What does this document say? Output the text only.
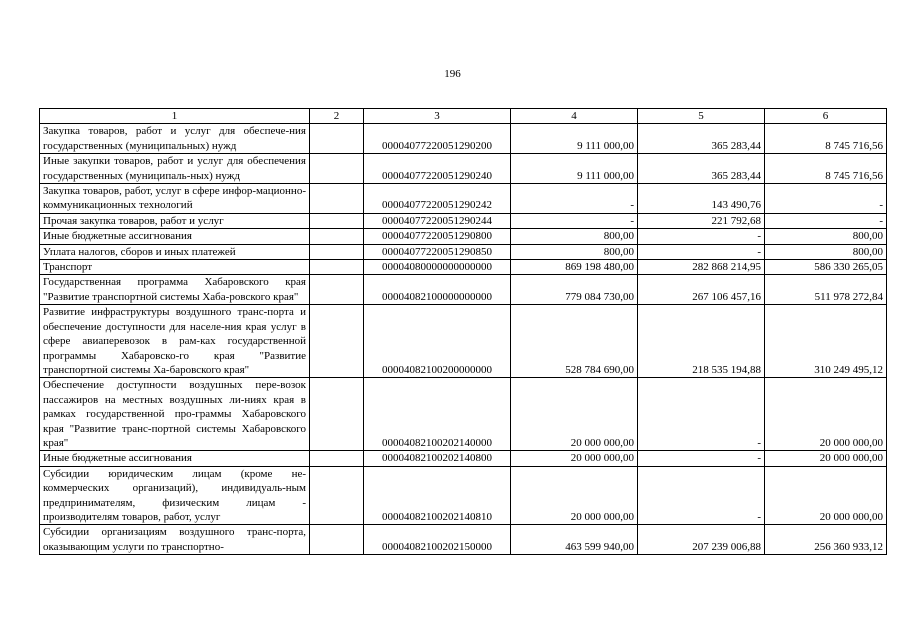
196
1	2	3	4	5	6
Закупка товаров, работ и услуг для обеспече-ния государственных (муниципальных) нужд		00004077220051290200	9 111 000,00	365 283,44	8 745 716,56
Иные закупки товаров, работ и услуг для обеспечения государственных (муниципаль-ных) нужд		00004077220051290240	9 111 000,00	365 283,44	8 745 716,56
Закупка товаров, работ, услуг в сфере инфор-мационно-коммуникационных технологий		00004077220051290242	-	143 490,76	-
Прочая закупка товаров, работ и услуг		00004077220051290244	-	221 792,68	-
Иные бюджетные ассигнования		00004077220051290800	800,00	-	800,00
Уплата налогов, сборов и иных платежей		00004077220051290850	800,00	-	800,00
Транспорт		00004080000000000000	869 198 480,00	282 868 214,95	586 330 265,05
Государственная программа Хабаровского края "Развитие транспортной системы Хаба-ровского края"		00004082100000000000	779 084 730,00	267 106 457,16	511 978 272,84
Развитие инфраструктуры воздушного транс-порта и обеспечение доступности для населе-ния края услуг в сфере авиаперевозок в рам-ках государственной программы Хабаровско-го края "Развитие транспортной системы Ха-баровского края"		00004082100200000000	528 784 690,00	218 535 194,88	310 249 495,12
Обеспечение доступности воздушных пере-возок пассажиров на местных воздушных ли-ниях края в рамках государственной про-граммы Хабаровского края "Развитие транс-портной системы Хабаровского края"		00004082100202140000	20 000 000,00	-	20 000 000,00
Иные бюджетные ассигнования		00004082100202140800	20 000 000,00	-	20 000 000,00
Субсидии юридическим лицам (кроме не-коммерческих организаций), индивидуаль-ным предпринимателям, физическим лицам - производителям товаров, работ, услуг		00004082100202140810	20 000 000,00	-	20 000 000,00
Субсидии организациям воздушного транс-порта, оказывающим услуги по транспортно-		00004082100202150000	463 599 940,00	207 239 006,88	256 360 933,12
